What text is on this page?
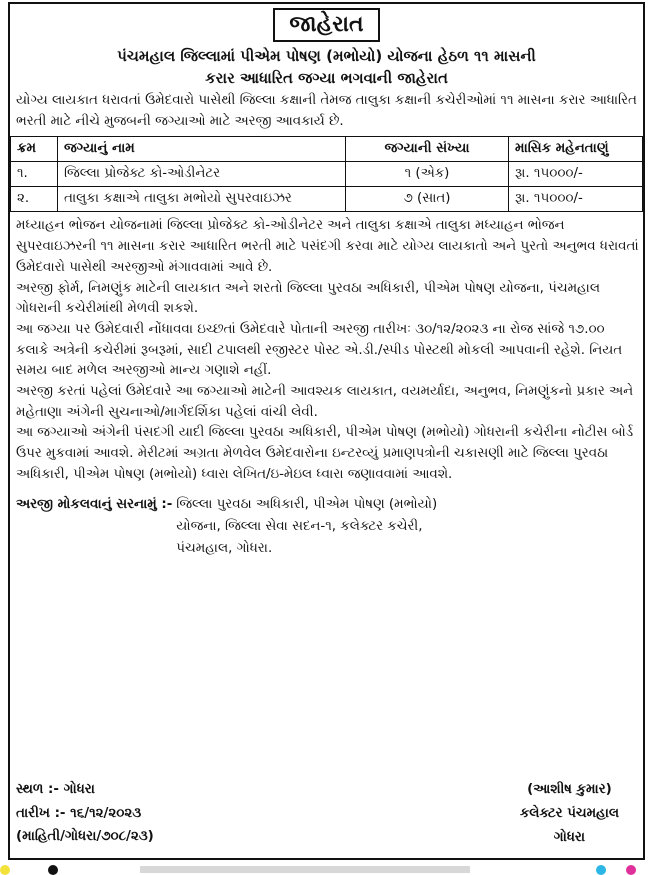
જાહેરાત
પંચમહાલ જિલ્લામાં પીએમ પોષણ (મભોયો) યોજના હેઠળ ૧૧ માસની
કરાર આધારિત જગ્યા ભગવાની જાહેરાત

યોગ્ય લાયકાત ધરાવતાં ઉમેદવારો પાસેથી જિલ્લા કક્ષાની તેમજ તાલુકા કક્ષાની કચેરીઓમાં ૧૧ માસના કરાર આધારિત ભરતી માટે નીચે મુજબની જગ્યાઓ માટે અરજી આવકાર્ય છે.

ક્રમ	જગ્યાનું નામ	જગ્યાની સંખ્યા	માસિક મહેનતાણું
૧.	જિલ્લા પ્રોજેક્ટ કો-ઓડીનેટર	૧ (એક)	રૂા. ૧૫૦૦૦/-
૨.	તાલુકા કક્ષાએ તાલુકા મભોયો સુપરવાઇઝર	૭ (સાત)	રૂા. ૧૫૦૦૦/-

મધ્યાહન ભોજન યોજનામાં જિલ્લા પ્રોજેક્ટ કો-ઓડીનેટર અને તાલુકા કક્ષાએ તાલુકા મધ્યાહન ભોજન સુપરવાઇઝરની ૧૧ માસના કરાર આધારિત ભરતી માટે પસંદગી કરવા માટે યોગ્ય લાયકાતો અને પુરતો અનુભવ ધરાવતાં ઉમેદવારો પાસેથી અરજીઓ મંગાવવામાં આવે છે.

અરજી ફોર્મ, નિમણુંક માટેની લાયકાત અને શરતો જિલ્લા પુરવઠા અધિકારી, પીએમ પોષણ યોજના, પંચમહાલ ગોધરાની કચેરીમાંથી મેળવી શકશે.

આ જગ્યા પર ઉમેદવારી નોંધાવવા ઇચ્છતાં ઉમેદવારે પોતાની અરજી તારીખઃ ૩૦/૧૨/૨૦૨૩ ના રોજ સાંજે ૧૭.૦૦ કલાકે અત્રેની કચેરીમાં રૂબરૂમાં, સાદી ટપાલથી રજીસ્ટર પોસ્ટ એ.ડી./સ્પીડ પોસ્ટથી મોકલી આપવાની રહેશે. નિયત સમય બાદ મળેલ અરજીઓ માન્ય ગણાશે નહીં.

અરજી કરતાં પહેલાં ઉમેદવારે આ જગ્યાઓ માટેની આવશ્યક લાયકાત, વયમર્યાદા, અનુભવ, નિમણુંકનો પ્રકાર અને મહેતાણા અંગેની સુચનાઓ/માર્ગદર્શિકા પહેલાં વાંચી લેવી.

આ જગ્યાઓ અંગેની પંસદગી યાદી જિલ્લા પુરવઠા અધિકારી, પીએમ પોષણ (મભોયો) ગોધરાની કચેરીના નોટીસ બોર્ડ ઉપર મુકવામાં આવશે. મેરીટમાં અગ્રતા મેળવેલ ઉમેદવારોના ઇન્ટરવ્યું પ્રમાણપત્રોની ચકાસણી માટે જિલ્લા પુરવઠા અધિકારી, પીએમ પોષણ (મભોયો) ધ્વારા લેખિત/ઇ-મેઇલ ધ્વારા જણાવવામાં આવશે.

અરજી મોકલવાનું સરનામું :- જિલ્લા પુરવઠા અધિકારી, પીએમ પોષણ (મભોયો)
યોજના, જિલ્લા સેવા સદન-૧, કલેક્ટર કચેરી,
પંચમહાલ, ગોધરા.
સ્થળ :- ગોધરા
તારીખ :- ૧૬/૧૨/૨૦૨૩
(આશીષ કુમાર)
કલેક્ટર પંચમહાલ
ગોધરા
(માહિતી/ગોધરા/૭૦૮/૨૩)
